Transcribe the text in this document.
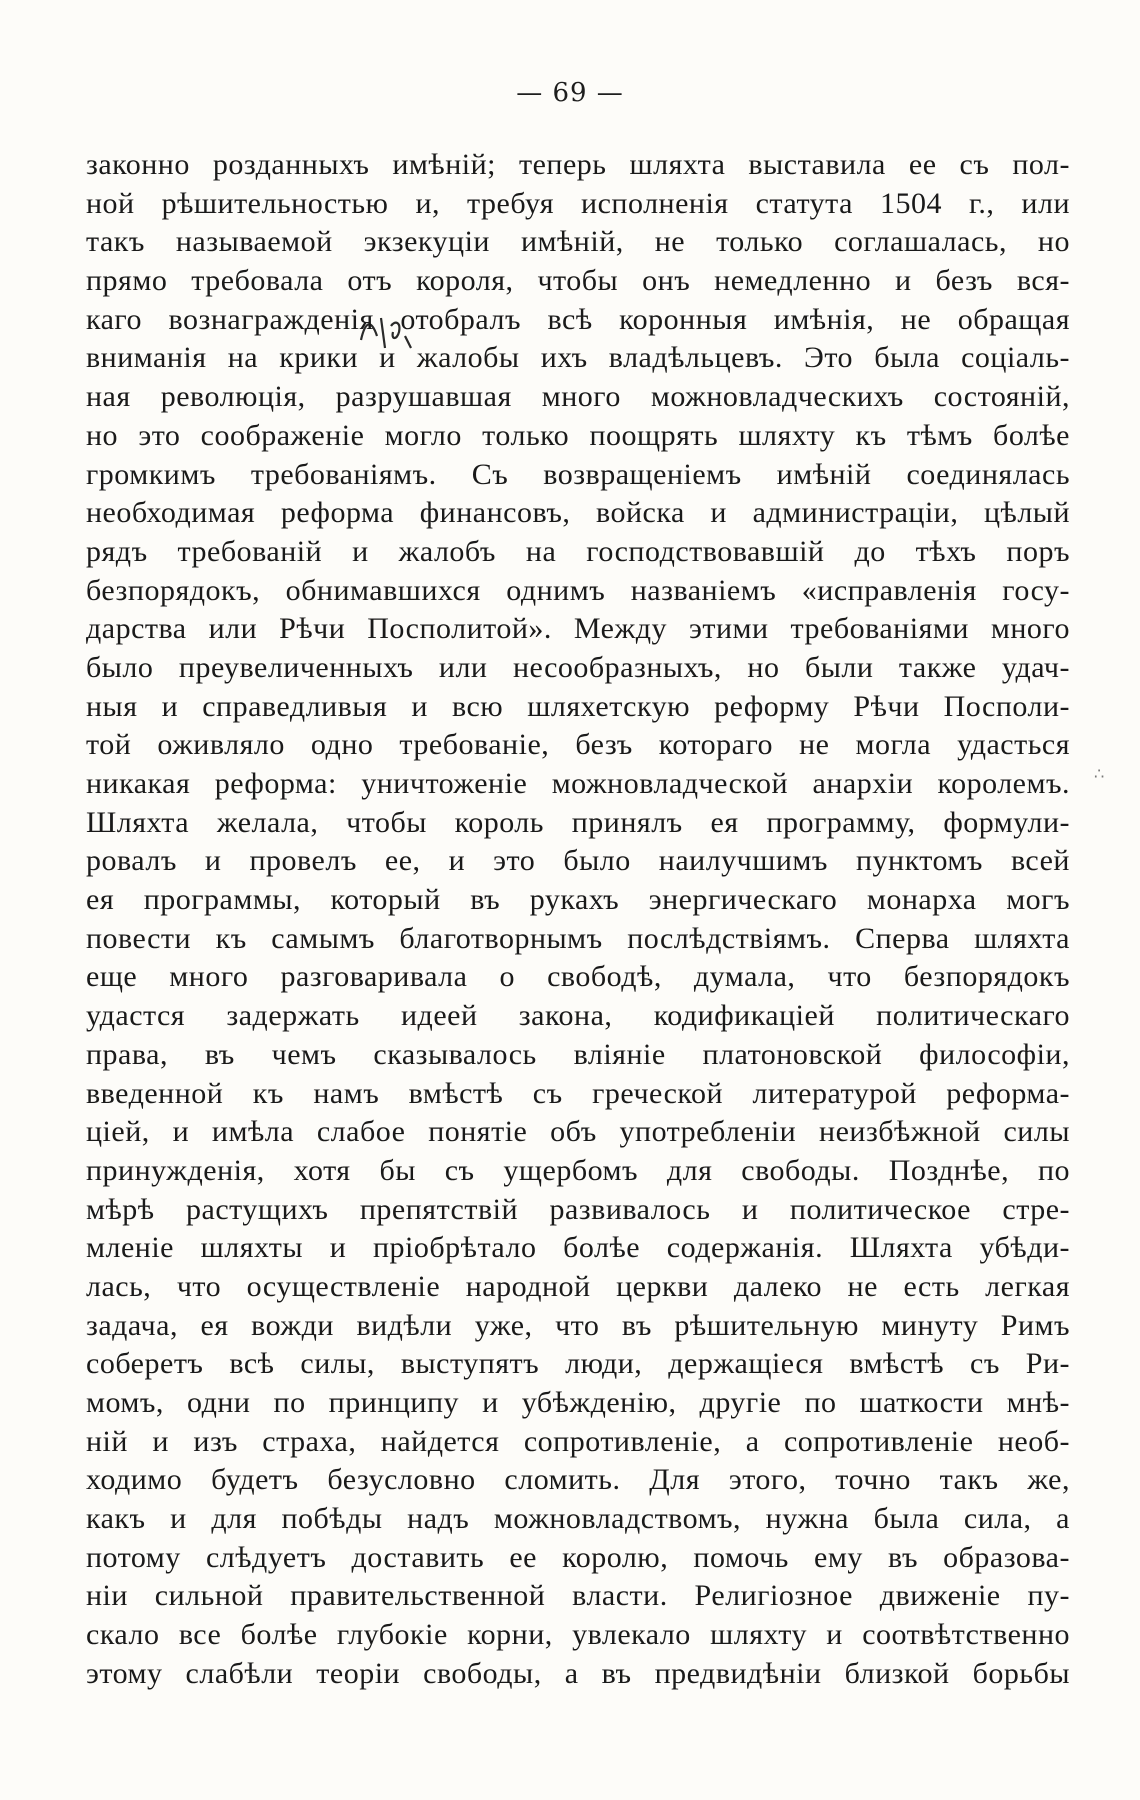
— 69 —
∴
законно розданныхъ имѣній; теперь шляхта выставила ее съ пол-
ной рѣшительностью и, требуя исполненія статута 1504 г., или
такъ называемой экзекуціи имѣній, не только соглашалась, но
прямо требовала отъ короля, чтобы онъ немедленно и безъ вся-
каго вознагражденія отобралъ всѣ коронныя имѣнія, не обращая
вниманія на крики и жалобы ихъ владѣльцевъ. Это была соціаль-
ная революція, разрушавшая много можновладческихъ состояній,
но это соображеніе могло только поощрять шляхту къ тѣмъ болѣе
громкимъ требованіямъ. Съ возвращеніемъ имѣній соединялась
необходимая реформа финансовъ, войска и администраціи, цѣлый
рядъ требованій и жалобъ на господствовавшій до тѣхъ поръ
безпорядокъ, обнимавшихся однимъ названіемъ «исправленія госу-
дарства или Рѣчи Посполитой». Между этими требованіями много
было преувеличенныхъ или несообразныхъ, но были также удач-
ныя и справедливыя и всю шляхетскую реформу Рѣчи Посполи-
той оживляло одно требованіе, безъ котораго не могла удасться
никакая реформа: уничтоженіе можновладческой анархіи королемъ.
Шляхта желала, чтобы король принялъ ея программу, формули-
ровалъ и провелъ ее, и это было наилучшимъ пунктомъ всей
ея программы, который въ рукахъ энергическаго монарха могъ
повести къ самымъ благотворнымъ послѣдствіямъ. Сперва шляхта
еще много разговаривала о свободѣ, думала, что безпорядокъ
удастся задержать идеей закона, кодификаціей политическаго
права, въ чемъ сказывалось вліяніе платоновской философіи,
введенной къ намъ вмѣстѣ съ греческой литературой реформа-
ціей, и имѣла слабое понятіе объ употребленіи неизбѣжной силы
принужденія, хотя бы съ ущербомъ для свободы. Позднѣе, по
мѣрѣ растущихъ препятствій развивалось и политическое стре-
мленіе шляхты и пріобрѣтало болѣе содержанія. Шляхта убѣди-
лась, что осуществленіе народной церкви далеко не есть легкая
задача, ея вожди видѣли уже, что въ рѣшительную минуту Римъ
соберетъ всѣ силы, выступятъ люди, держащіеся вмѣстѣ съ Ри-
момъ, одни по принципу и убѣжденію, другіе по шаткости мнѣ-
ній и изъ страха, найдется сопротивленіе, а сопротивленіе необ-
ходимо будетъ безусловно сломить. Для этого, точно такъ же,
какъ и для побѣды надъ можновладствомъ, нужна была сила, а
потому слѣдуетъ доставить ее королю, помочь ему въ образова-
ніи сильной правительственной власти. Религіозное движеніе пу-
скало все болѣе глубокіе корни, увлекало шляхту и соотвѣтственно
этому слабѣли теоріи свободы, а въ предвидѣніи близкой борьбы
